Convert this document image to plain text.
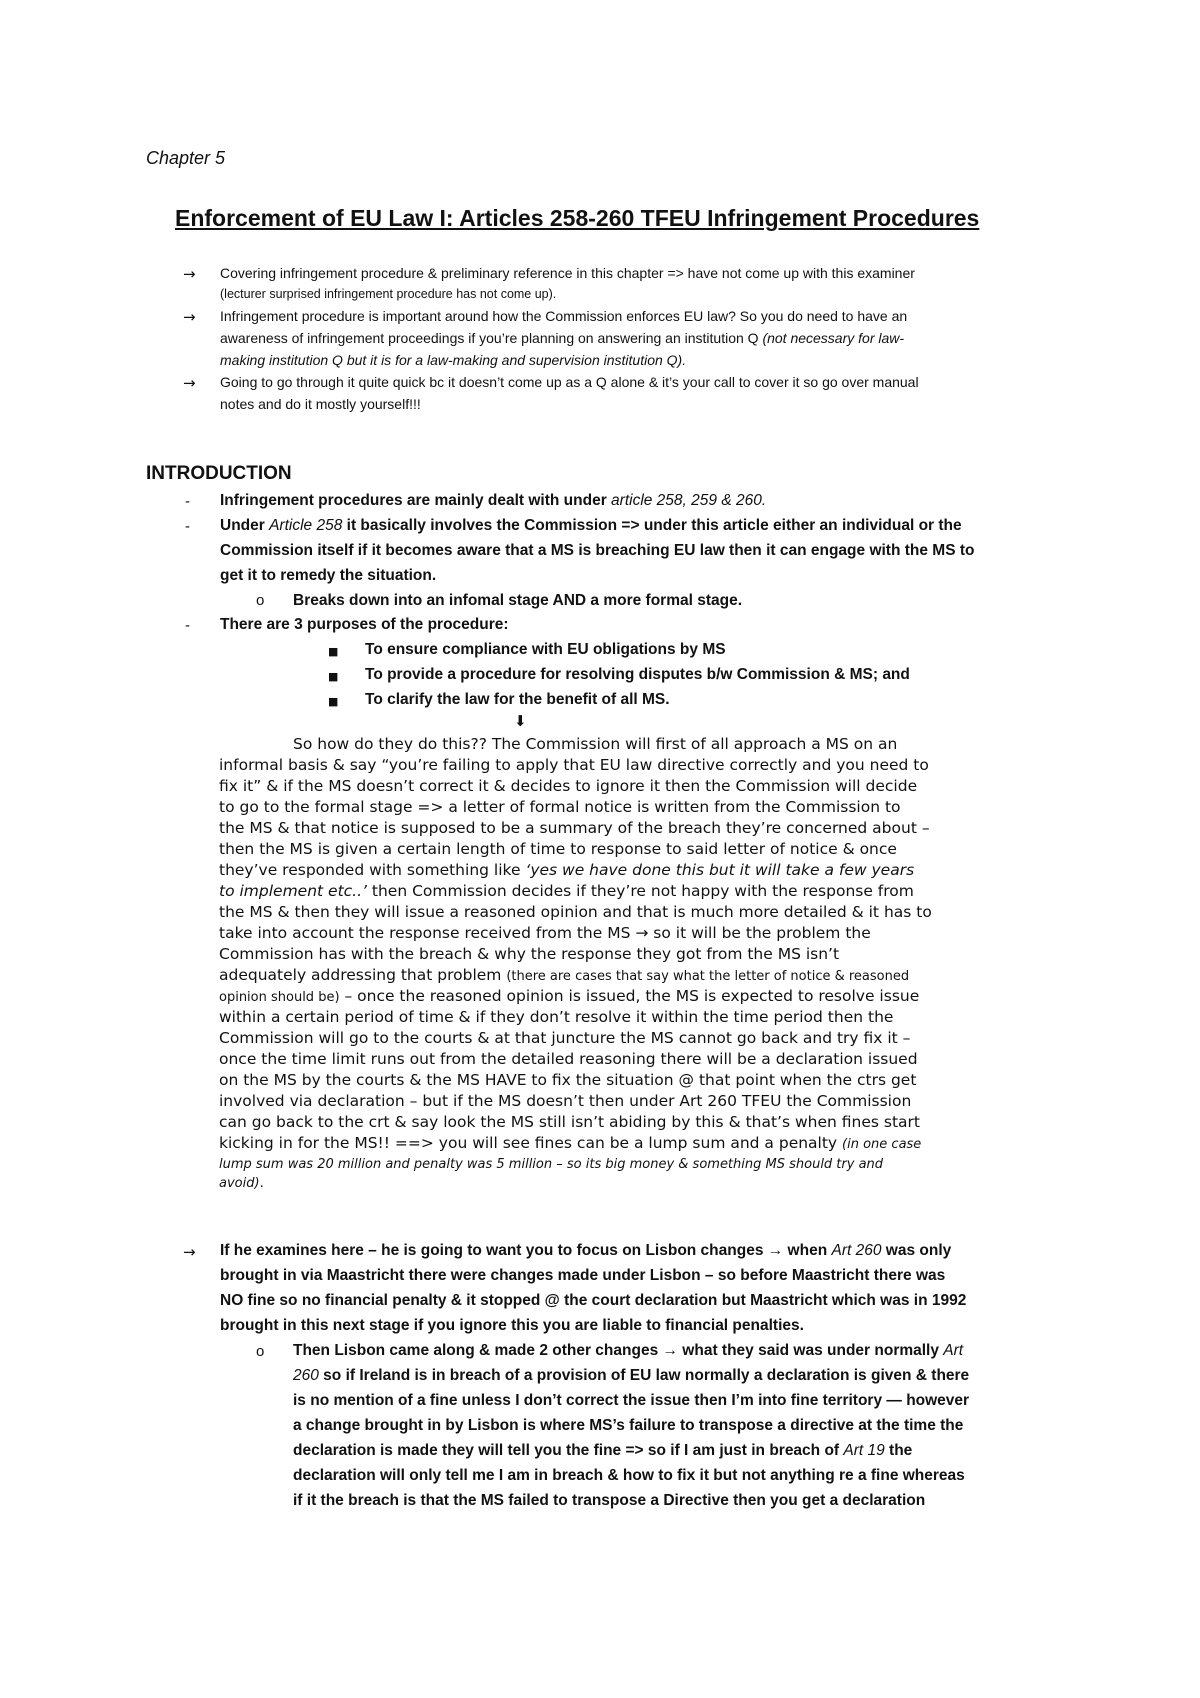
Chapter 5
Enforcement of EU Law I: Articles 258-260 TFEU Infringement Procedures
→ Covering infringement procedure & preliminary reference in this chapter => have not come up with this examiner
(lecturer surprised infringement procedure has not come up).
→ Infringement procedure is important around how the Commission enforces EU law? So you do need to have an
awareness of infringement proceedings if you’re planning on answering an institution Q (not necessary for law-
making institution Q but it is for a law-making and supervision institution Q).
→ Going to go through it quite quick bc it doesn’t come up as a Q alone & it’s your call to cover it so go over manual
notes and do it mostly yourself!!!
INTRODUCTION
- Infringement procedures are mainly dealt with under article 258, 259 & 260.
- Under Article 258 it basically involves the Commission => under this article either an individual or the
Commission itself if it becomes aware that a MS is breaching EU law then it can engage with the MS to
get it to remedy the situation.
o Breaks down into an infomal stage AND a more formal stage.
- There are 3 purposes of the procedure:
■ To ensure compliance with EU obligations by MS
■ To provide a procedure for resolving disputes b/w Commission & MS; and
■ To clarify the law for the benefit of all MS.
⬇
So how do they do this?? The Commission will first of all approach a MS on an
informal basis & say “you’re failing to apply that EU law directive correctly and you need to
fix it” & if the MS doesn’t correct it & decides to ignore it then the Commission will decide
to go to the formal stage => a letter of formal notice is written from the Commission to
the MS & that notice is supposed to be a summary of the breach they’re concerned about –
then the MS is given a certain length of time to response to said letter of notice & once
they’ve responded with something like ‘yes we have done this but it will take a few years
to implement etc..’ then Commission decides if they’re not happy with the response from
the MS & then they will issue a reasoned opinion and that is much more detailed & it has to
take into account the response received from the MS → so it will be the problem the
Commission has with the breach & why the response they got from the MS isn’t
adequately addressing that problem (there are cases that say what the letter of notice & reasoned
opinion should be) – once the reasoned opinion is issued, the MS is expected to resolve issue
within a certain period of time & if they don’t resolve it within the time period then the
Commission will go to the courts & at that juncture the MS cannot go back and try fix it –
once the time limit runs out from the detailed reasoning there will be a declaration issued
on the MS by the courts & the MS HAVE to fix the situation @ that point when the ctrs get
involved via declaration – but if the MS doesn’t then under Art 260 TFEU the Commission
can go back to the crt & say look the MS still isn’t abiding by this & that’s when fines start
kicking in for the MS!! ==> you will see fines can be a lump sum and a penalty (in one case
lump sum was 20 million and penalty was 5 million – so its big money & something MS should try and
avoid).
→ If he examines here – he is going to want you to focus on Lisbon changes → when Art 260 was only
brought in via Maastricht there were changes made under Lisbon – so before Maastricht there was
NO fine so no financial penalty & it stopped @ the court declaration but Maastricht which was in 1992
brought in this next stage if you ignore this you are liable to financial penalties.
o Then Lisbon came along & made 2 other changes → what they said was under normally Art
260 so if Ireland is in breach of a provision of EU law normally a declaration is given & there
is no mention of a fine unless I don’t correct the issue then I’m into fine territory — however
a change brought in by Lisbon is where MS’s failure to transpose a directive at the time the
declaration is made they will tell you the fine => so if I am just in breach of Art 19 the
declaration will only tell me I am in breach & how to fix it but not anything re a fine whereas
if it the breach is that the MS failed to transpose a Directive then you get a declaration
